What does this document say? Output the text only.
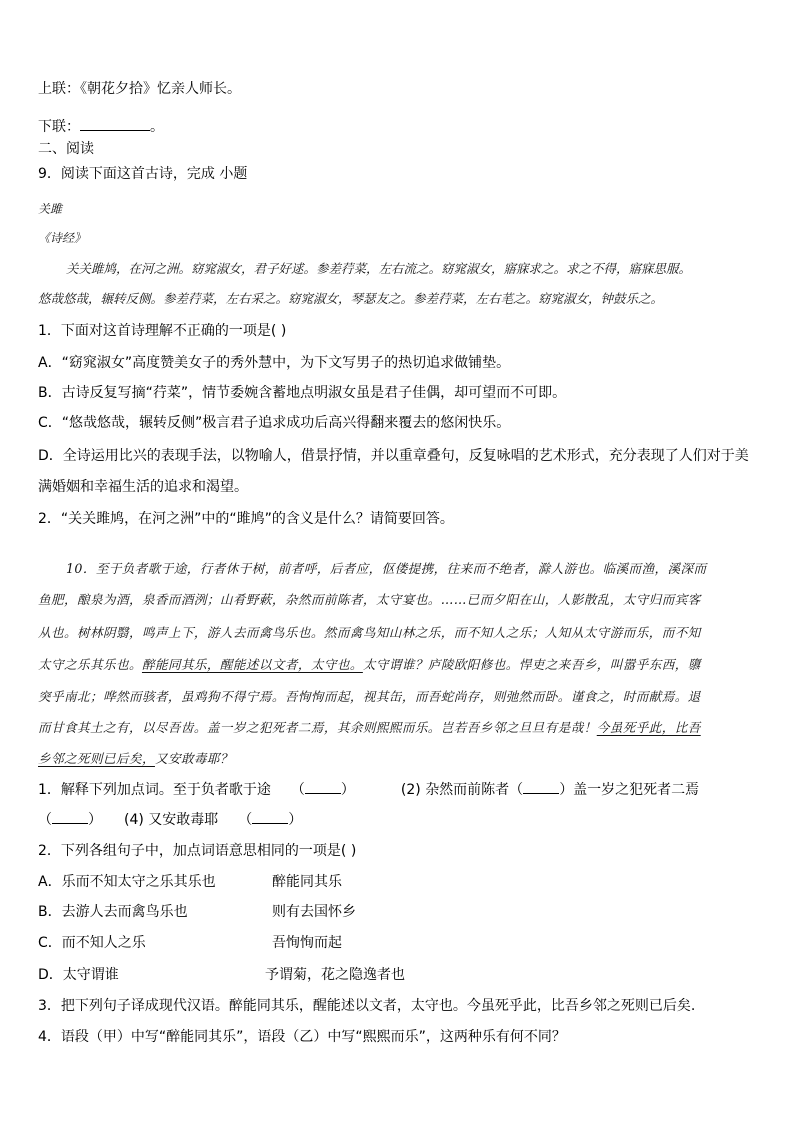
上联：《朝花夕拾》忆亲人师长。
下联：	。
二、阅读
9．阅读下面这首古诗，完成 小题
关雎
《诗经》
关关雎鸠，在河之洲。窈窕淑女，君子好逑。参差荇菜，左右流之。窈窕淑女，寤寐求之。求之不得，寤寐思服。
悠哉悠哉，辗转反侧。参差荇菜，左右采之。窈窕淑女，琴瑟友之。参差荇菜，左右芼之。窈窕淑女，钟鼓乐之。
1．下面对这首诗理解不正确的一项是( )
A．“窈窕淑女”高度赞美女子的秀外慧中，为下文写男子的热切追求做铺垫。
B．古诗反复写摘“荇菜”，情节委婉含蓄地点明淑女虽是君子佳偶，却可望而不可即。
C．“悠哉悠哉，辗转反侧”极言君子追求成功后高兴得翻来覆去的悠闲快乐。
D．全诗运用比兴的表现手法，以物喻人，借景抒情，并以重章叠句，反复咏唱的艺术形式，充分表现了人们对于美
满婚姻和幸福生活的追求和渴望。
2．“关关雎鸠，在河之洲”中的“雎鸠”的含义是什么？请简要回答。
10．至于负者歌于途，行者休于树，前者呼，后者应，伛偻提携，往来而不绝者，滁人游也。临溪而渔，溪深而
鱼肥，酿泉为酒，泉香而酒洌；山肴野蔌，杂然而前陈者，太守宴也。……已而夕阳在山，人影散乱，太守归而宾客
从也。树林阴翳，鸣声上下，游人去而禽鸟乐也。然而禽鸟知山林之乐，而不知人之乐；人知从太守游而乐，而不知
太守之乐其乐也。醉能同其乐，醒能述以文者，太守也。太守谓谁？庐陵欧阳修也。悍吏之来吾乡，叫嚣乎东西，隳
突乎南北；哗然而骇者，虽鸡狗不得宁焉。吾恂恂而起，视其缶，而吾蛇尚存，则弛然而卧。谨食之，时而献焉。退
而甘食其土之有，以尽吾齿。盖一岁之犯死者二焉，其余则熙熙而乐。岂若吾乡邻之旦旦有是哉！今虽死乎此，比吾
乡邻之死则已后矣，又安敢毒耶？
1．解释下列加点词。至于负者歌于途 （	）	(2) 杂然而前陈者（	）盖一岁之犯死者二焉
（	） (4) 又安敢毒耶 （	）
2．下列各组句子中，加点词语意思相同的一项是( )
A．乐而不知太守之乐其乐也	醉能同其乐
B．去游人去而禽鸟乐也	则有去国怀乡
C．而不知人之乐	吾恂恂而起
D．太守谓谁	予谓菊，花之隐逸者也
3．把下列句子译成现代汉语。醉能同其乐，醒能述以文者，太守也。今虽死乎此，比吾乡邻之死则已后矣.
4．语段（甲）中写“醉能同其乐”，语段（乙）中写“熙熙而乐”，这两种乐有何不同？
